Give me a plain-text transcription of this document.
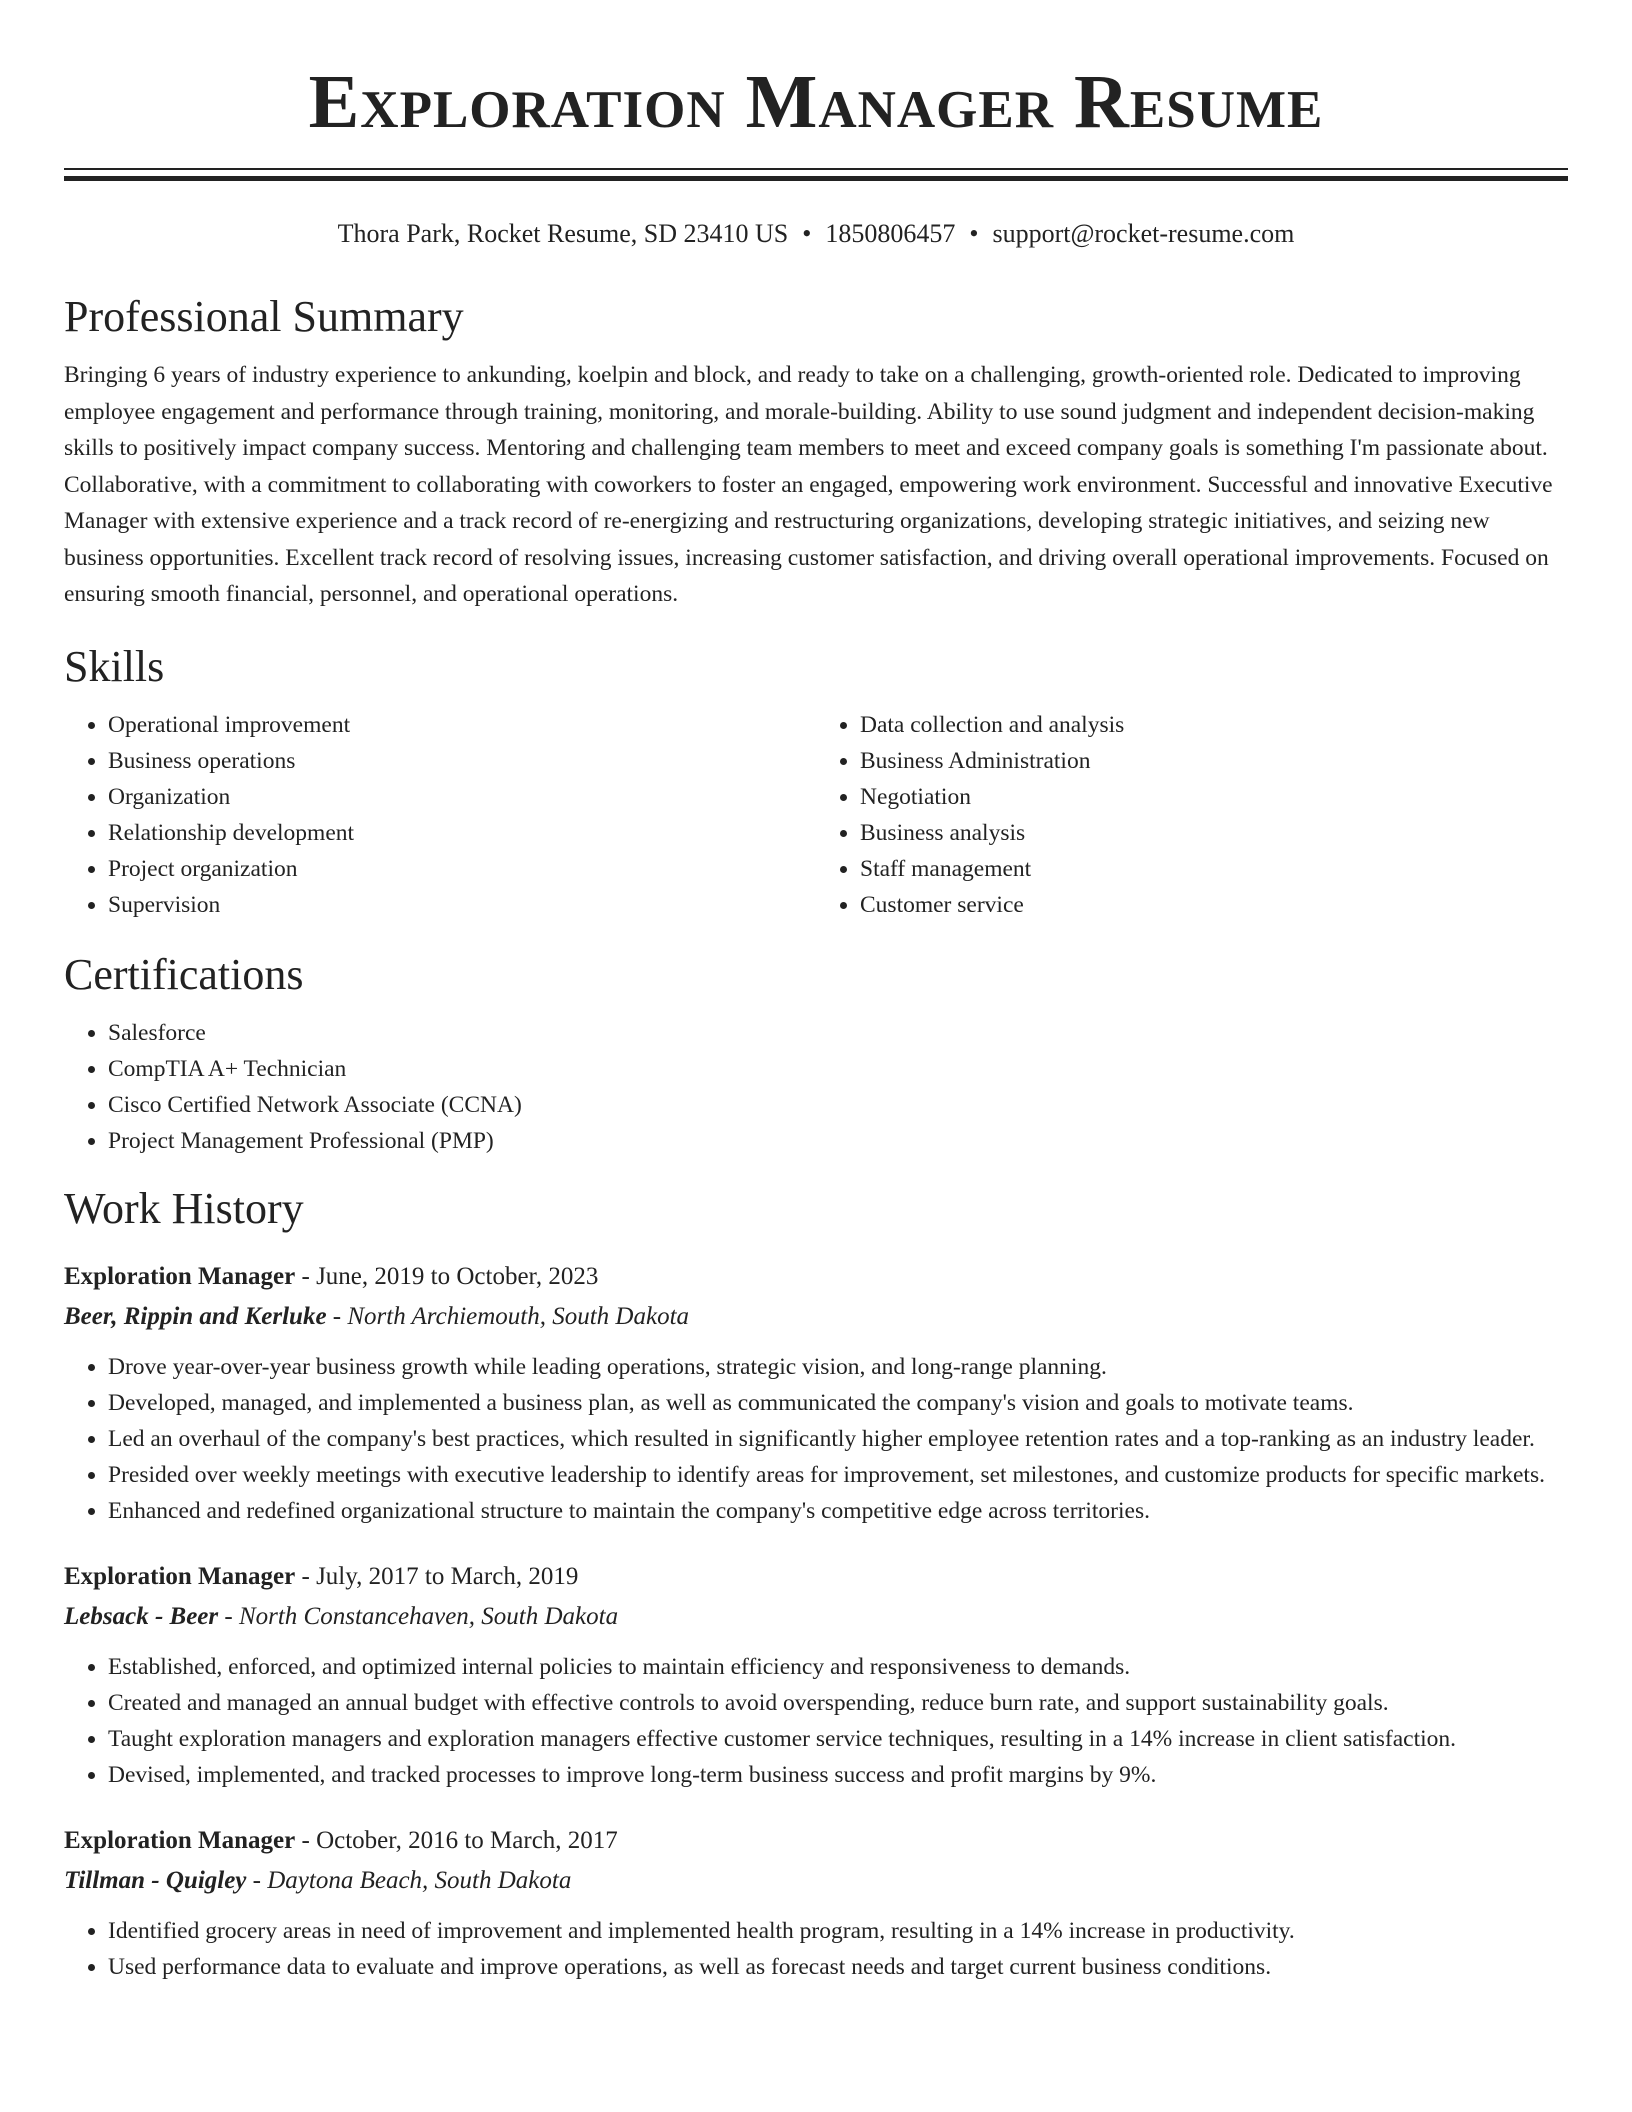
Exploration Manager Resume
Thora Park, Rocket Resume, SD 23410 US • 1850806457 • support@rocket-resume.com
Professional Summary

Bringing 6 years of industry experience to ankunding, koelpin and block, and ready to take on a challenging, growth-oriented role. Dedicated to improving employee engagement and performance through training, monitoring, and morale-building. Ability to use sound judgment and independent decision-making skills to positively impact company success. Mentoring and challenging team members to meet and exceed company goals is something I'm passionate about. Collaborative, with a commitment to collaborating with coworkers to foster an engaged, empowering work environment. Successful and innovative Executive Manager with extensive experience and a track record of re-energizing and restructuring organizations, developing strategic initiatives, and seizing new business opportunities. Excellent track record of resolving issues, increasing customer satisfaction, and driving overall operational improvements. Focused on ensuring smooth financial, personnel, and operational operations.

Skills
• Operational improvement
• Business operations
• Organization
• Relationship development
• Project organization
• Supervision
• Data collection and analysis
• Business Administration
• Negotiation
• Business analysis
• Staff management
• Customer service
Certifications
• Salesforce
• CompTIA A+ Technician
• Cisco Certified Network Associate (CCNA)
• Project Management Professional (PMP)
Work History
Exploration Manager - June, 2019 to October, 2023
Beer, Rippin and Kerluke - North Archiemouth, South Dakota
• Drove year-over-year business growth while leading operations, strategic vision, and long-range planning.
• Developed, managed, and implemented a business plan, as well as communicated the company's vision and goals to motivate teams.
• Led an overhaul of the company's best practices, which resulted in significantly higher employee retention rates and a top-ranking as an industry leader.
• Presided over weekly meetings with executive leadership to identify areas for improvement, set milestones, and customize products for specific markets.
• Enhanced and redefined organizational structure to maintain the company's competitive edge across territories.
Exploration Manager - July, 2017 to March, 2019
Lebsack - Beer - North Constancehaven, South Dakota
• Established, enforced, and optimized internal policies to maintain efficiency and responsiveness to demands.
• Created and managed an annual budget with effective controls to avoid overspending, reduce burn rate, and support sustainability goals.
• Taught exploration managers and exploration managers effective customer service techniques, resulting in a 14% increase in client satisfaction.
• Devised, implemented, and tracked processes to improve long-term business success and profit margins by 9%.
Exploration Manager - October, 2016 to March, 2017
Tillman - Quigley - Daytona Beach, South Dakota
• Identified grocery areas in need of improvement and implemented health program, resulting in a 14% increase in productivity.
• Used performance data to evaluate and improve operations, as well as forecast needs and target current business conditions.
